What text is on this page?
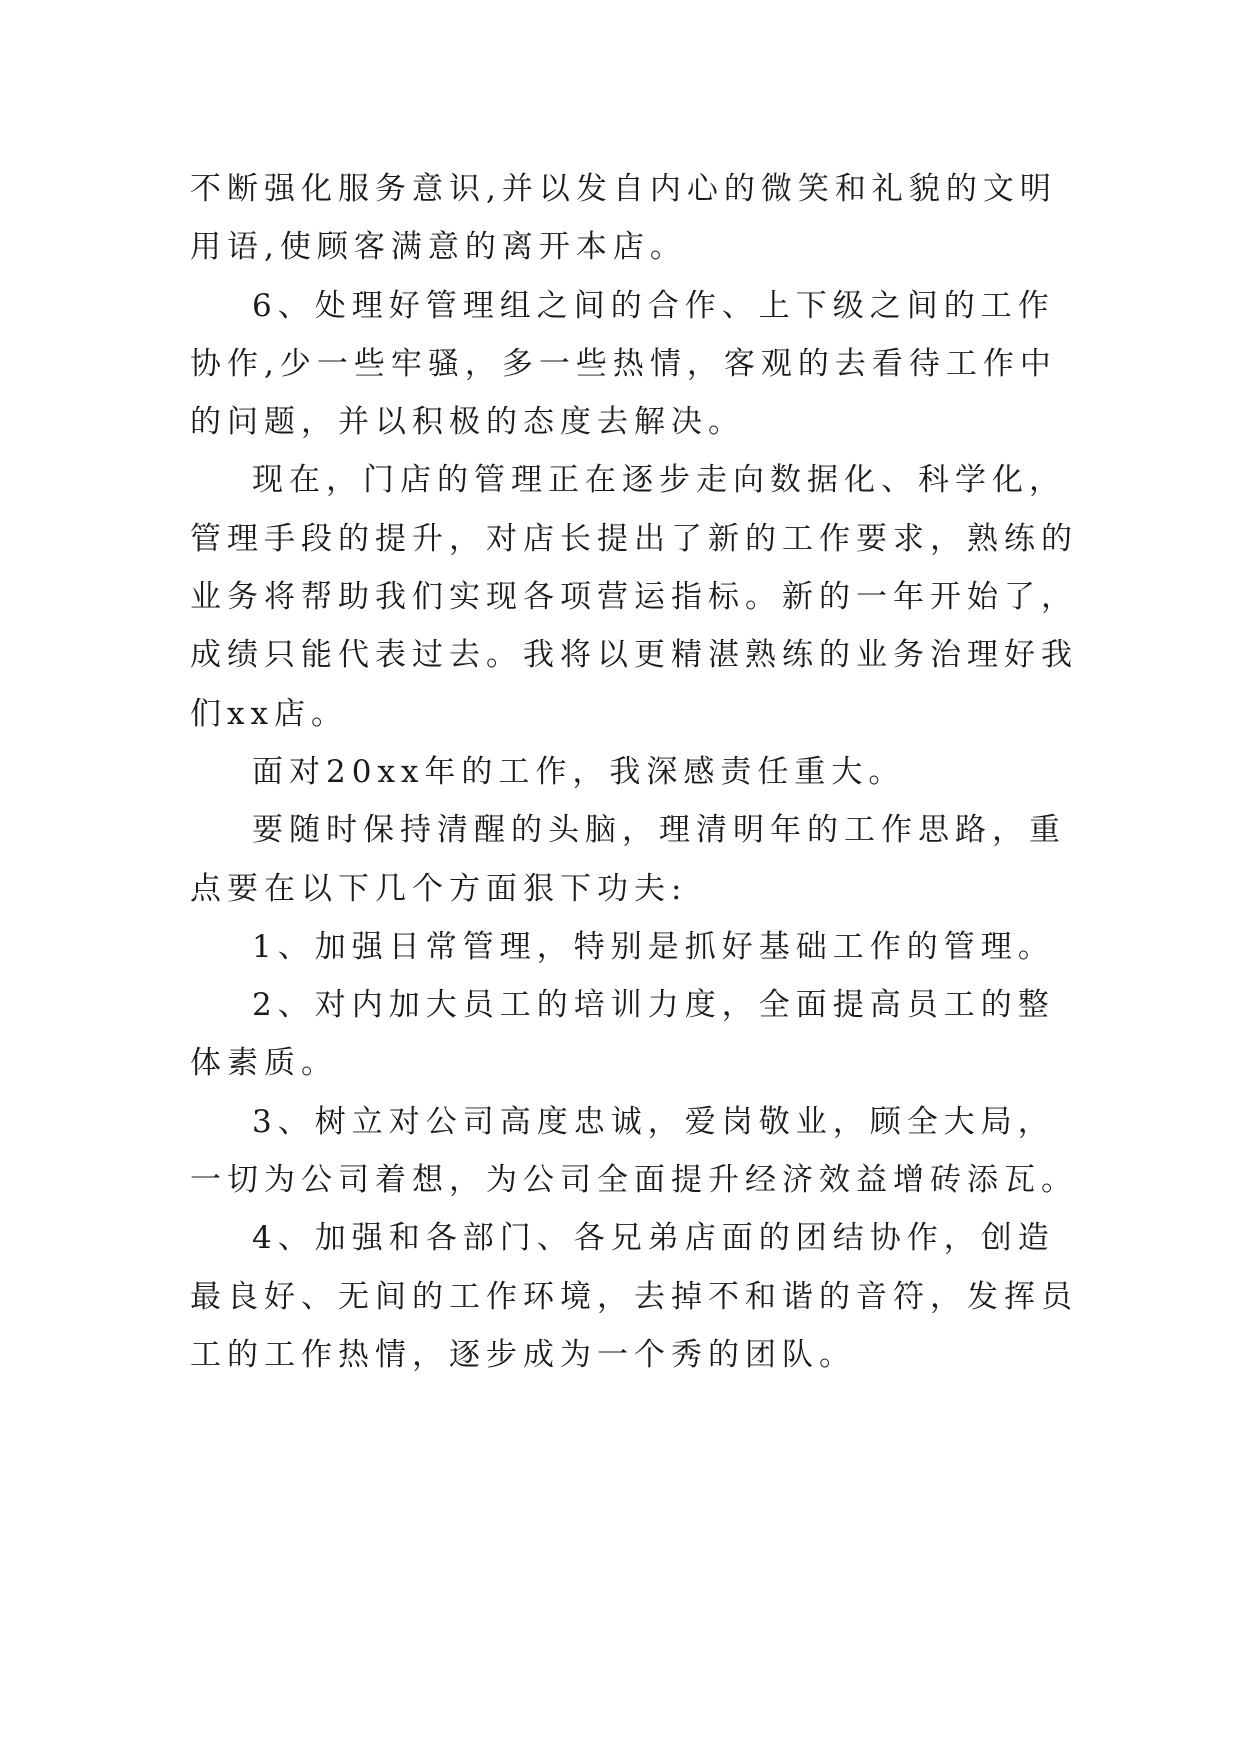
不断强化服务意识,并以发自内心的微笑和礼貌的文明用语,使顾客满意的离开本店。

6、处理好管理组之间的合作、上下级之间的工作协作,少一些牢骚，多一些热情，客观的去看待工作中的问题，并以积极的态度去解决。

现在，门店的管理正在逐步走向数据化、科学化，管理手段的提升，对店长提出了新的工作要求，熟练的业务将帮助我们实现各项营运指标。新的一年开始了，成绩只能代表过去。我将以更精湛熟练的业务治理好我们xx店。

面对20xx年的工作，我深感责任重大。

要随时保持清醒的头脑，理清明年的工作思路，重点要在以下几个方面狠下功夫:

1、加强日常管理，特别是抓好基础工作的管理。

2、对内加大员工的培训力度，全面提高员工的整体素质。

3、树立对公司高度忠诚，爱岗敬业，顾全大局，一切为公司着想，为公司全面提升经济效益增砖添瓦。

4、加强和各部门、各兄弟店面的团结协作，创造最良好、无间的工作环境，去掉不和谐的音符，发挥员工的工作热情，逐步成为一个秀的团队。
